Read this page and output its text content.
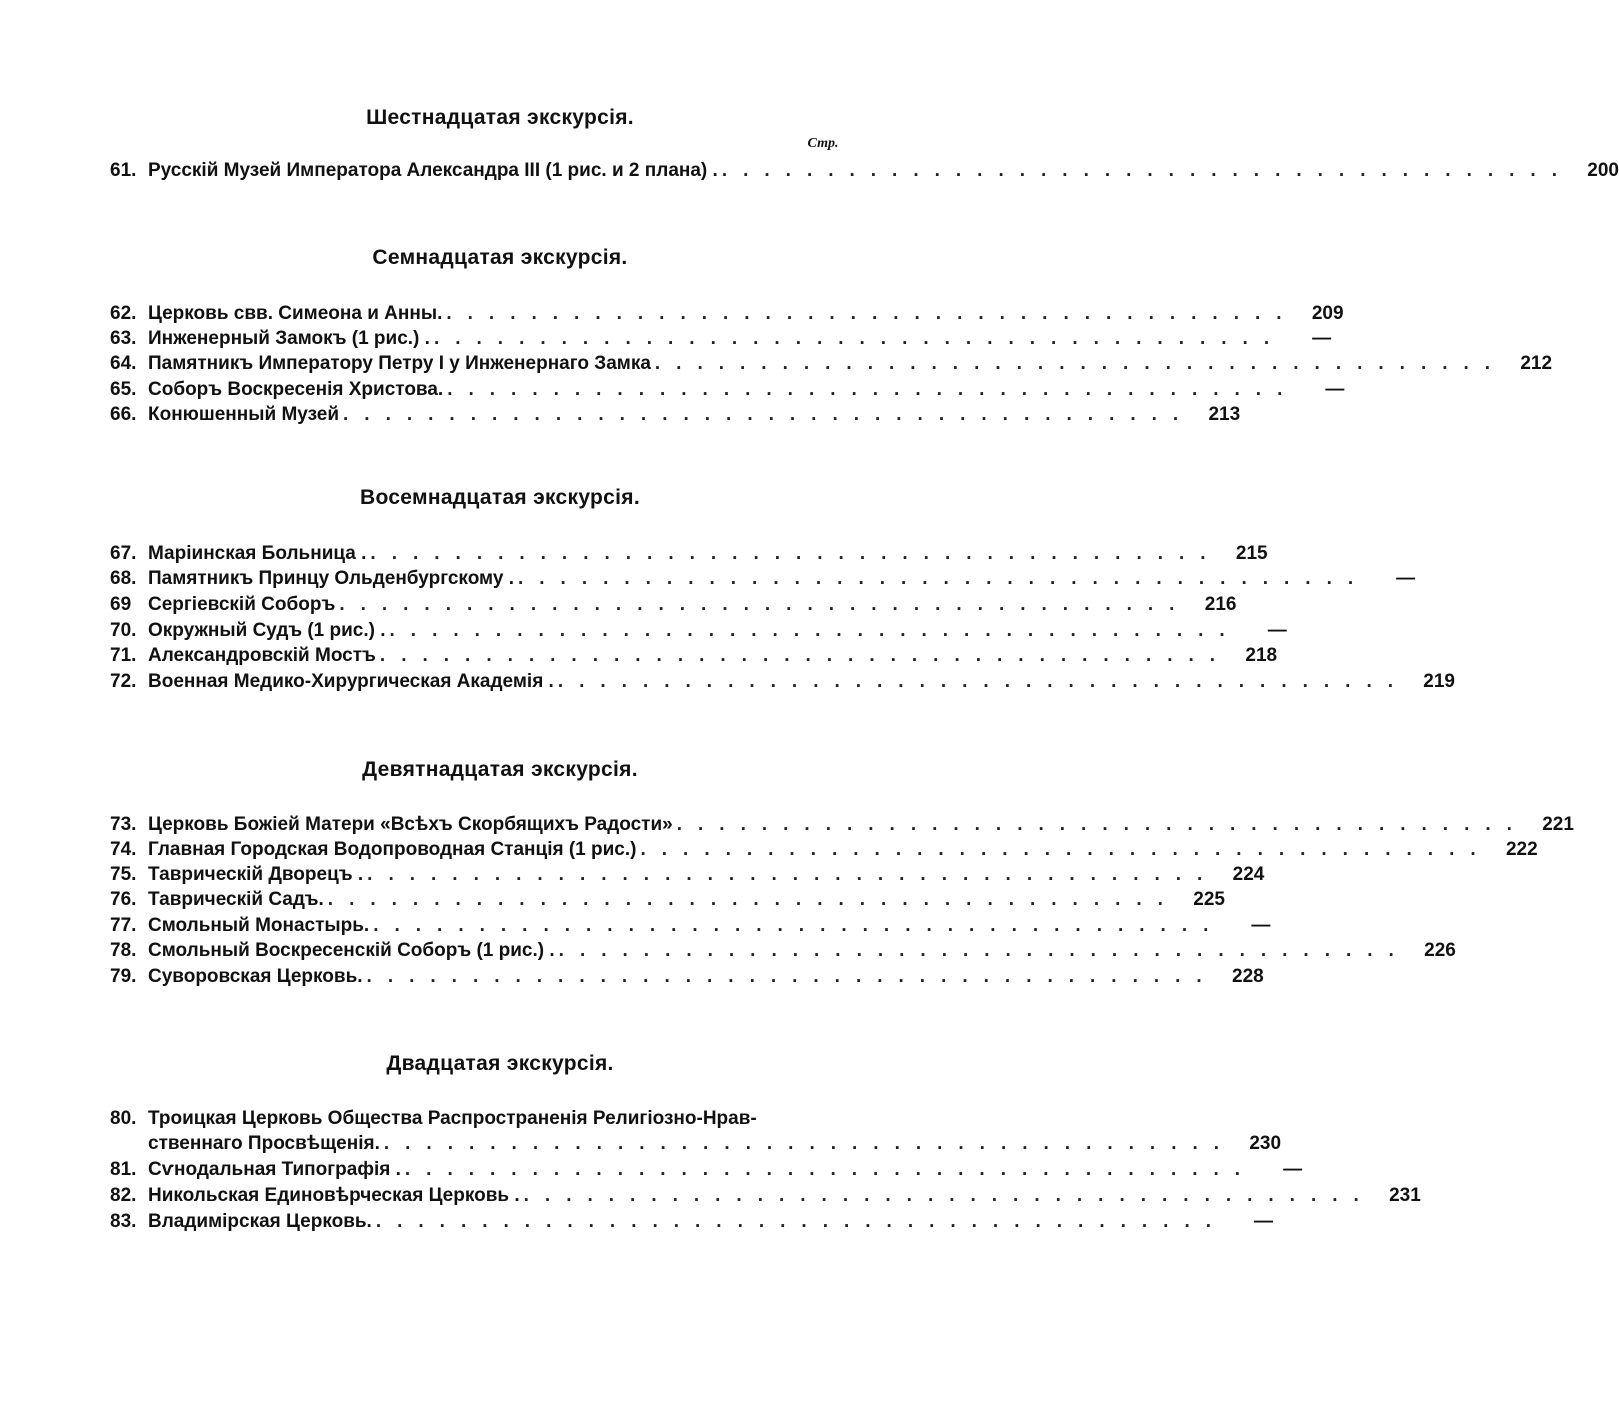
Шестнадцатая экскурсія.
Стр.
61. Русскій Музей Императора Александра III (1 рис. и 2 плана) . ........................................ 200
Семнадцатая экскурсія.
62. Церковь свв. Симеона и Анны. ........................................ 209
63. Инженерный Замокъ (1 рис.) . ........................................	—
64. Памятникъ Императору Петру I у Инженернаго Замка ........................................ 212
65. Соборъ Воскресенія Христова. ........................................	—
66. Конюшенный Музей ........................................ 213
Восемнадцатая экскурсія.
67. Маріинская Больница . ........................................ 215
68. Памятникъ Принцу Ольденбургскому . ........................................	—
69 Сергіевскій Соборъ ........................................ 216
70. Окружный Судъ (1 рис.) . ........................................	—
71. Александровскій Мостъ ........................................ 218
72. Военная Медико-Хирургическая Академія . ........................................ 219
Девятнадцатая экскурсія.
73. Церковь Божіей Матери «Всѣхъ Скорбящихъ Радости» ........................................ 221
74. Главная Городская Водопроводная Станція (1 рис.) ........................................ 222
75. Таврическій Дворецъ . ........................................ 224
76. Таврическій Садъ. ........................................ 225
77. Смольный Монастырь. ........................................	—
78. Смольный Воскресенскій Соборъ (1 рис.) . ........................................ 226
79. Суворовская Церковь. ........................................ 228
Двадцатая экскурсія.
80. Троицкая Церковь Общества Распространенія Религіозно-Нрав-
ственнаго Просвѣщенія. ........................................ 230
81. Сѵнодальная Типографія . ........................................	—
82. Никольская Единовѣрческая Церковь . ........................................ 231
83. Владимірская Церковь. ........................................	—
